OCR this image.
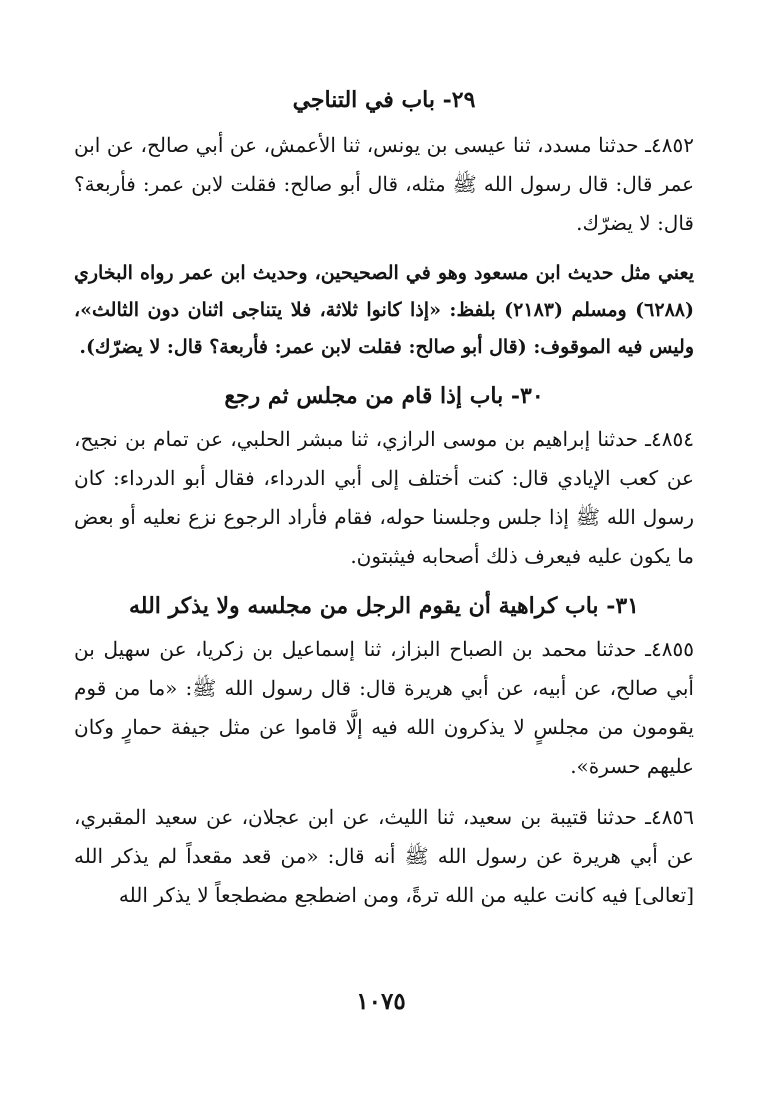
٢٩- باب في التناجي

٤٨٥٢ـ حدثنا مسدد، ثنا عيسى بن يونس، ثنا الأعمش، عن أبي صالح، عن ابن عمر قال: قال رسول الله ﷺ مثله، قال أبو صالح: فقلت لابن عمر: فأربعة؟ قال: لا يضرّك.

يعني مثل حديث ابن مسعود وهو في الصحيحين، وحديث ابن عمر رواه البخاري (٦٢٨٨) ومسلم (٢١٨٣) بلفظ: «إذا كانوا ثلاثة، فلا يتناجى اثنان دون الثالث»، وليس فيه الموقوف: (قال أبو صالح: فقلت لابن عمر: فأربعة؟ قال: لا يضرّك).

٣٠- باب إذا قام من مجلس ثم رجع

٤٨٥٤ـ حدثنا إبراهيم بن موسى الرازي، ثنا مبشر الحلبي، عن تمام بن نجيح، عن كعب الإيادي قال: كنت أختلف إلى أبي الدرداء، فقال أبو الدرداء: كان رسول الله ﷺ إذا جلس وجلسنا حوله، فقام فأراد الرجوع نزع نعليه أو بعض ما يكون عليه فيعرف ذلك أصحابه فيثبتون.

٣١- باب كراهية أن يقوم الرجل من مجلسه ولا يذكر الله

٤٨٥٥ـ حدثنا محمد بن الصباح البزاز، ثنا إسماعيل بن زكريا، عن سهيل بن أبي صالح، عن أبيه، عن أبي هريرة قال: قال رسول الله ﷺ: «ما من قوم يقومون من مجلسٍ لا يذكرون الله فيه إلَّا قاموا عن مثل جيفة حمارٍ وكان عليهم حسرة».

٤٨٥٦ـ حدثنا قتيبة بن سعيد، ثنا الليث، عن ابن عجلان، عن سعيد المقبري، عن أبي هريرة عن رسول الله ﷺ أنه قال: «من قعد مقعداً لم يذكر الله [تعالى] فيه كانت عليه من الله ترةً، ومن اضطجع مضطجعاً لا يذكر الله

١٠٧٥
